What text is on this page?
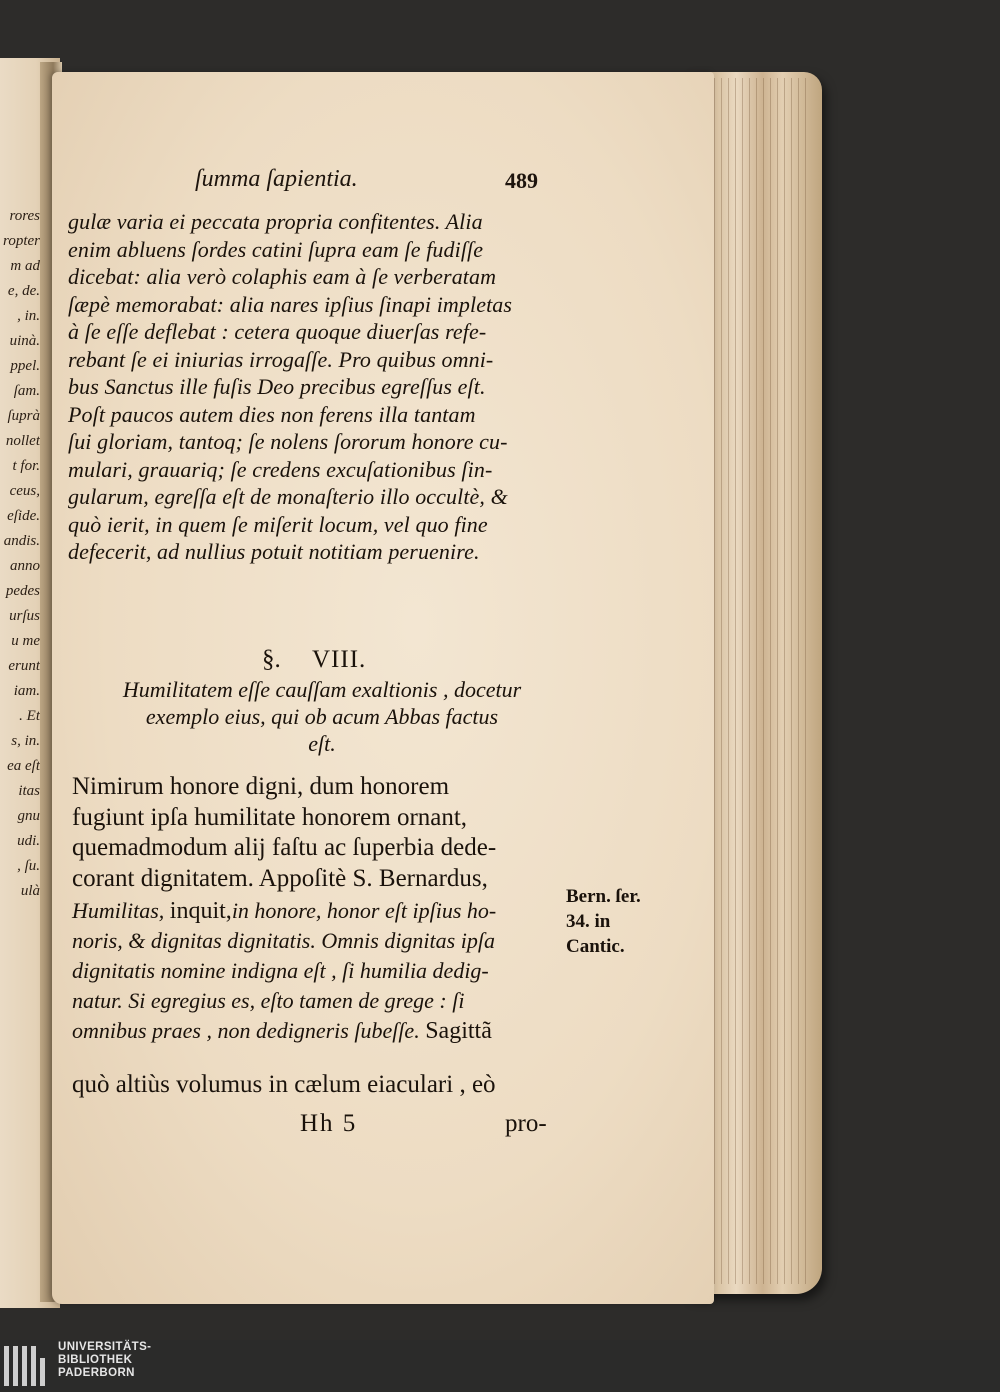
rores
ropter
m ad
e, de.
, in.
uinà.
ppel.
ſam.
ſuprà
nollet
t for.
ceus,
eſide.
andis.
anno
pedes
urſus
u me
erunt
iam.
. Et
s, in.
ea eſt
itas
gnu
udi.
, ſu.
ulà
ſumma ſapientia.	489
gulæ varia ei peccata propria confitentes. Alia
enim abluens ſordes catini ſupra eam ſe fudiſſe
dicebat: alia verò colaphis eam à ſe verberatam
ſæpè memorabat: alia nares ipſius ſinapi impletas
à ſe eſſe deflebat : cetera quoque diuerſas refe-
rebant ſe ei iniurias irrogaſſe. Pro quibus omni-
bus Sanctus ille fuſis Deo precibus egreſſus eſt.
Poſt paucos autem dies non ferens illa tantam
ſui gloriam, tantoq; ſe nolens ſororum honore cu-
mulari, grauariq; ſe credens excuſationibus ſin-
gularum, egreſſa eſt de monaſterio illo occultè, &
quò ierit, in quem ſe miſerit locum, vel quo fine
defecerit, ad nullius potuit notitiam peruenire.
§. VIII.
Humilitatem eſſe cauſſam exaltionis , docetur
exemplo eius, qui ob acum Abbas factus
eſt.
Nimirum honore digni, dum honorem
fugiunt ipſa humilitate honorem ornant,
quemadmodum alij faſtu ac ſuperbia dede-
corant dignitatem. Appoſitè S. Bernardus,
Humilitas, inquit,in honore, honor eſt ipſius ho-
noris, & dignitas dignitatis. Omnis dignitas ipſa
dignitatis nomine indigna eſt , ſi humilia dedig-
natur. Si egregius es, eſto tamen de grege : ſi
omnibus praes , non dedigneris ſubeſſe. Sagittã
quò altiùs volumus in cælum eiaculari , eò
Hh 5	pro-
Bern. ſer.
34. in
Cantic.
UNIVERSITÄTS-
BIBLIOTHEK
PADERBORN
